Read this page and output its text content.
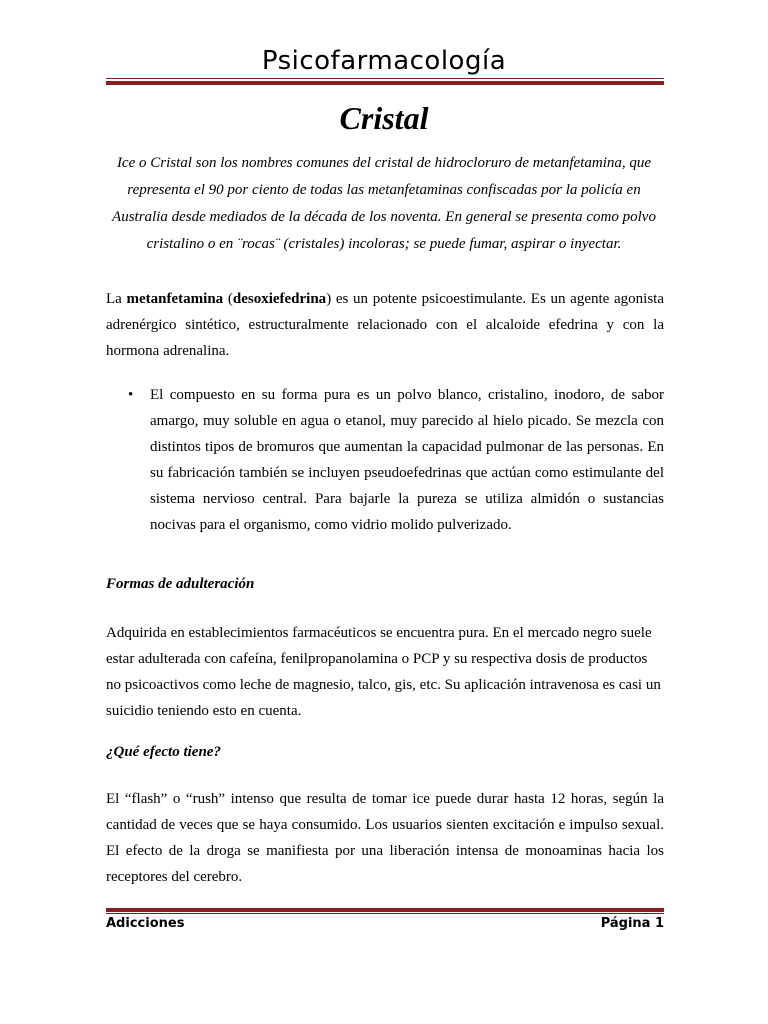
Psicofarmacología
Cristal

Ice o Cristal son los nombres comunes del cristal de hidrocloruro de metanfetamina, que representa el 90 por ciento de todas las metanfetaminas confiscadas por la policía en Australia desde mediados de la década de los noventa. En general se presenta como polvo cristalino o en ¨rocas¨ (cristales) incoloras; se puede fumar, aspirar o inyectar.

La metanfetamina (desoxiefedrina) es un potente psicoestimulante. Es un agente agonista adrenérgico sintético, estructuralmente relacionado con el alcaloide efedrina y con la hormona adrenalina.

• El compuesto en su forma pura es un polvo blanco, cristalino, inodoro, de sabor amargo, muy soluble en agua o etanol, muy parecido al hielo picado. Se mezcla con distintos tipos de bromuros que aumentan la capacidad pulmonar de las personas. En su fabricación también se incluyen pseudoefedrinas que actúan como estimulante del sistema nervioso central. Para bajarle la pureza se utiliza almidón o sustancias nocivas para el organismo, como vidrio molido pulverizado.
Formas de adulteración

Adquirida en establecimientos farmacéuticos se encuentra pura. En el mercado negro suele estar adulterada con cafeína, fenilpropanolamina o PCP y su respectiva dosis de productos no psicoactivos como leche de magnesio, talco, gis, etc. Su aplicación intravenosa es casi un suicidio teniendo esto en cuenta.

¿Qué efecto tiene?

El “flash” o “rush” intenso que resulta de tomar ice puede durar hasta 12 horas, según la cantidad de veces que se haya consumido. Los usuarios sienten excitación e impulso sexual. El efecto de la droga se manifiesta por una liberación intensa de monoaminas hacia los receptores del cerebro.

Adicciones	Página 1
